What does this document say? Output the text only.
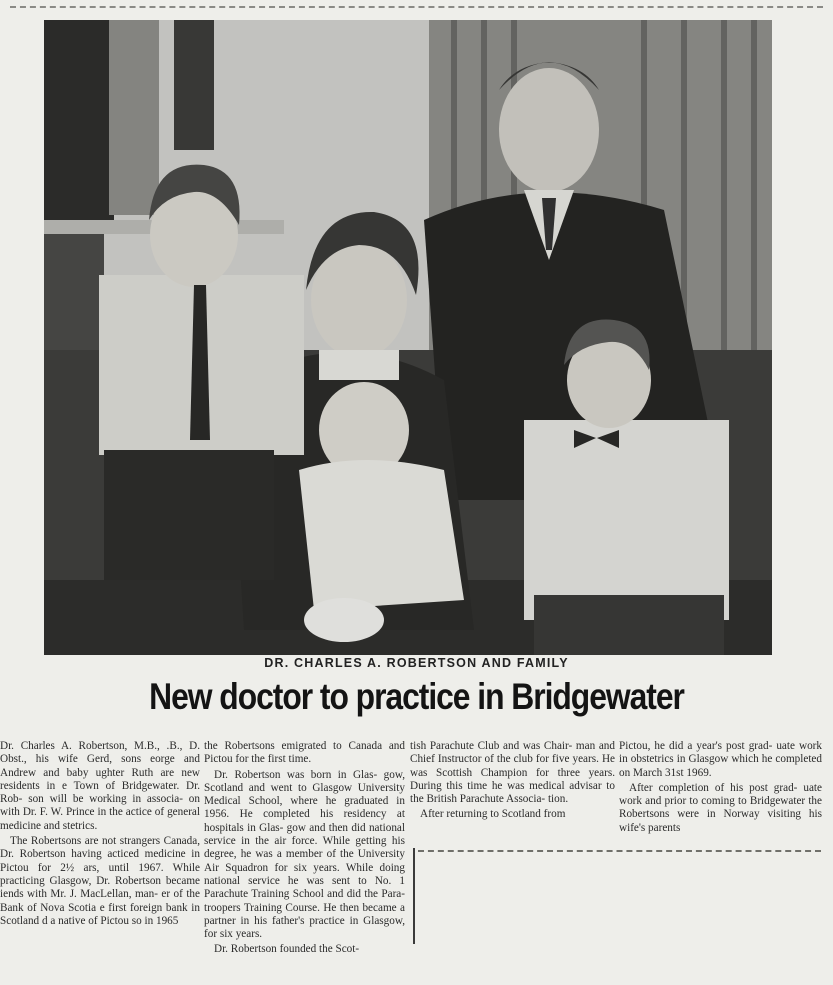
DR. CHARLES A. ROBERTSON AND FAMILY
New doctor to practice in Bridgewater

Dr. Charles A. Robertson, M.B., .B., D. Obst., his wife Gerd, sons eorge and Andrew and baby ughter Ruth are new residents in e Town of Bridgewater. Dr. Rob- son will be working in associa- on with Dr. F. W. Prince in the actice of general medicine and stetrics.

The Robertsons are not strangers Canada, Dr. Robertson having acticed medicine in Pictou for 2½ ars, until 1967. While practicing Glasgow, Dr. Robertson became iends with Mr. J. MacLellan, man- er of the Bank of Nova Scotia e first foreign bank in Scotland d a native of Pictou so in 1965

the Robertsons emigrated to Canada and Pictou for the first time.

Dr. Robertson was born in Glas- gow, Scotland and went to Glasgow University Medical School, where he graduated in 1956. He completed his residency at hospitals in Glas- gow and then did national service in the air force. While getting his degree, he was a member of the University Air Squadron for six years. While doing national service he was sent to No. 1 Parachute Training School and did the Para- troopers Training Course. He then became a partner in his father's practice in Glasgow, for six years.

Dr. Robertson founded the Scot-

tish Parachute Club and was Chair- man and Chief Instructor of the club for five years. He was Scottish Champion for three years. During this time he was medical advisar to the British Parachute Associa- tion.

After returning to Scotland from

Pictou, he did a year's post grad- uate work in obstetrics in Glasgow which he completed on March 31st 1969.

After completion of his post grad- uate work and prior to coming to Bridgewater the Robertsons were in Norway visiting his wife's parents
